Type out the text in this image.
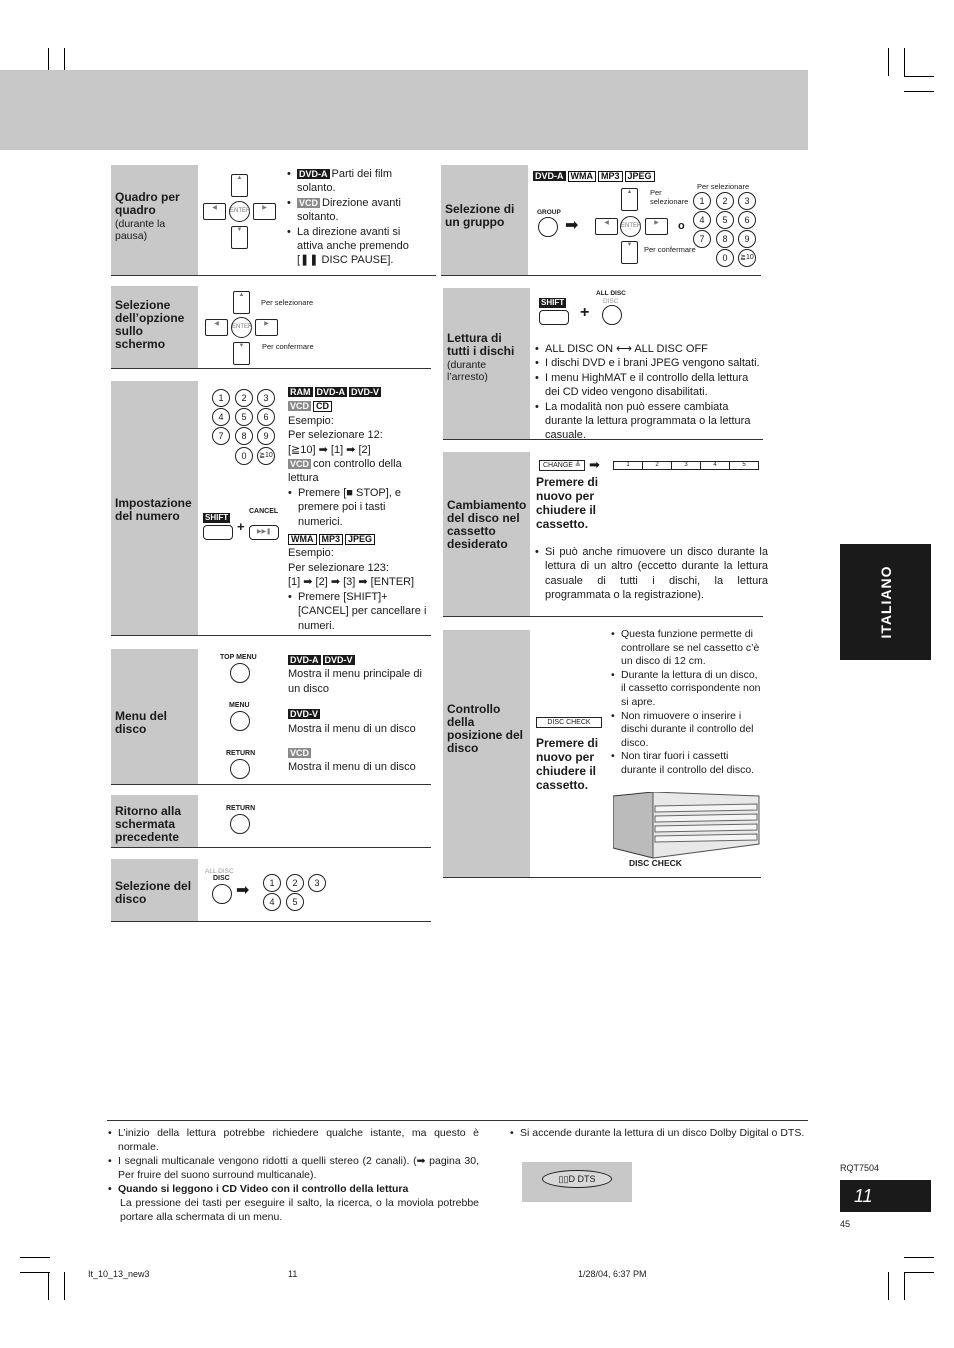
Quadro per quadro
(durante la pausa)
▲
◀	ENTER	▶
▼
• DVD-A Parti dei film solanto.
• VCD Direzione avanti soltanto.
• La direzione avanti si attiva anche premendo [❚❚ DISC PAUSE].
Selezione dell’opzione sullo schermo
▲
◀	ENTER	▶
▼
Per selezionare
Per confermare
Impostazione del numero
1	2	3
4	5	6
7	8	9
0	≧10
SHIFT
+
CANCEL
▶▶❚

RAM DVD-A DVD-V

VCD CD

Esempio:

Per selezionare 12:

[≧10] ➡ [1] ➡ [2]

VCD con controllo della lettura

• Premere [■ STOP], e premere poi i tasti numerici.

WMA MP3 JPEG

Esempio:

Per selezionare 123:

[1] ➡ [2] ➡ [3] ➡ [ENTER]

• Premere [SHIFT]+ [CANCEL] per cancellare i numeri.
Menu del disco
TOP MENU
MENU
RETURN

DVD-A DVD-V

Mostra il menu principale di un disco

DVD-V

Mostra il menu di un disco

VCD

Mostra il menu di un disco

Ritorno alla schermata precedente
RETURN
Selezione del disco
ALL DISC
DISC
➡	1	2	3
4	5
Selezione di un gruppo
DVD-A WMA MP3 JPEG
GROUP
➡
▲
◀	ENTER	▶
▼
Per selezionare
Per confermare
o
Per selezionare
1	2	3
4	5	6
7	8	9
0	≧10
Lettura di tutti i dischi
(durante l’arresto)
SHIFT
+
ALL DISC
DISC
• ALL DISC ON ⟷ ALL DISC OFF
• I dischi DVD e i brani JPEG vengono saltati.
• I menu HighMAT e il controllo della lettura dei CD video vengono disabilitati.
• La modalità non può essere cambiata durante la lettura programmata o la lettura casuale.
Cambiamento del disco nel cassetto desiderato
CHANGE ≜ ➡	1	2	3	4	5
Premere di nuovo per chiudere il cassetto.
• Si può anche rimuovere un disco durante la lettura di un altro (eccetto durante la lettura casuale di tutti i dischi, la lettura programmata o la registrazione).
Controllo della posizione del disco
DISC CHECK
Premere di nuovo per chiudere il cassetto.
• Questa funzione permette di controllare se nel cassetto c’è un disco di 12 cm.
• Durante la lettura di un disco, il cassetto corrispondente non si apre.
• Non rimuovere o inserire i dischi durante il controllo del disco.
• Non tirar fuori i cassetti durante il controllo del disco.
DISC CHECK
ITALIANO
RQT7504
11
45
• L’inizio della lettura potrebbe richiedere qualche istante, ma questo è normale.
• I segnali multicanale vengono ridotti a quelli stereo (2 canali). (➡ pagina 30, Per fruire del suono surround multicanale).
• Quando si leggono i CD Video con il controllo della lettura

La pressione dei tasti per eseguire il salto, la ricerca, o la moviola potrebbe portare alla schermata di un menu.

• Si accende durante la lettura di un disco Dolby Digital o DTS.
▯▯D DTS
It_10_13_new3	11	1/28/04, 6:37 PM
